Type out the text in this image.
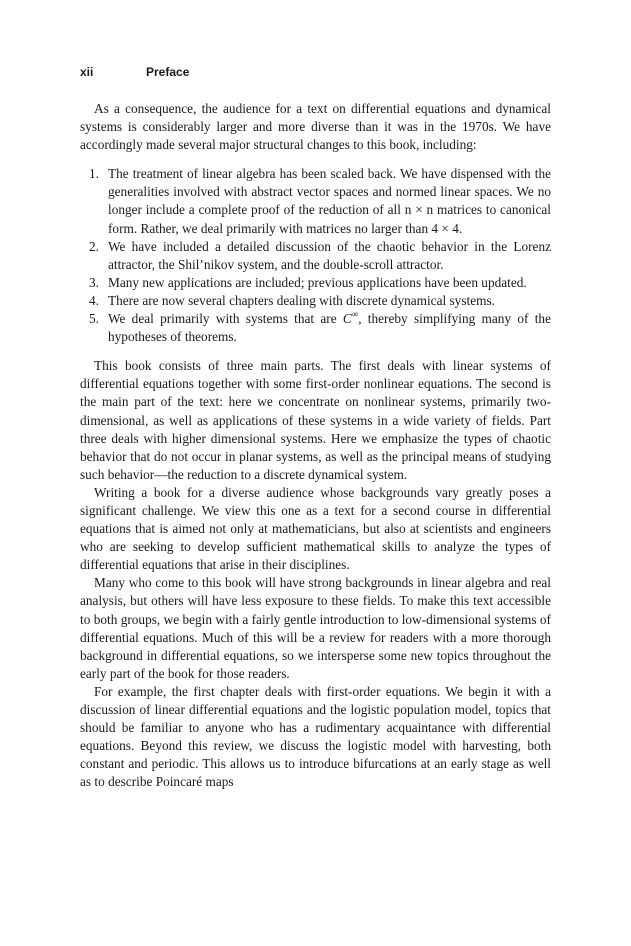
xii	Preface

As a consequence, the audience for a text on differential equations and dynamical systems is considerably larger and more diverse than it was in the 1970s. We have accordingly made several major structural changes to this book, including:

1. The treatment of linear algebra has been scaled back. We have dispensed with the generalities involved with abstract vector spaces and normed linear spaces. We no longer include a complete proof of the reduction of all n × n matrices to canonical form. Rather, we deal primarily with matrices no larger than 4 × 4.
2. We have included a detailed discussion of the chaotic behavior in the Lorenz attractor, the Shil’nikov system, and the double-scroll attractor.
3. Many new applications are included; previous applications have been updated.
4. There are now several chapters dealing with discrete dynamical systems.
5. We deal primarily with systems that are C∞, thereby simplifying many of the hypotheses of theorems.

This book consists of three main parts. The first deals with linear systems of differential equations together with some first-order nonlinear equations. The second is the main part of the text: here we concentrate on nonlinear systems, primarily two-dimensional, as well as applications of these systems in a wide variety of fields. Part three deals with higher dimensional systems. Here we emphasize the types of chaotic behavior that do not occur in planar systems, as well as the principal means of studying such behavior—the reduction to a discrete dynamical system.

Writing a book for a diverse audience whose backgrounds vary greatly poses a significant challenge. We view this one as a text for a second course in differential equations that is aimed not only at mathematicians, but also at scientists and engineers who are seeking to develop sufficient mathematical skills to analyze the types of differential equations that arise in their disciplines.

Many who come to this book will have strong backgrounds in linear algebra and real analysis, but others will have less exposure to these fields. To make this text accessible to both groups, we begin with a fairly gentle introduction to low-dimensional systems of differential equations. Much of this will be a review for readers with a more thorough background in differential equations, so we intersperse some new topics throughout the early part of the book for those readers.

For example, the first chapter deals with first-order equations. We begin it with a discussion of linear differential equations and the logistic population model, topics that should be familiar to anyone who has a rudimentary acquaintance with differential equations. Beyond this review, we discuss the logistic model with harvesting, both constant and periodic. This allows us to introduce bifurcations at an early stage as well as to describe Poincaré maps
